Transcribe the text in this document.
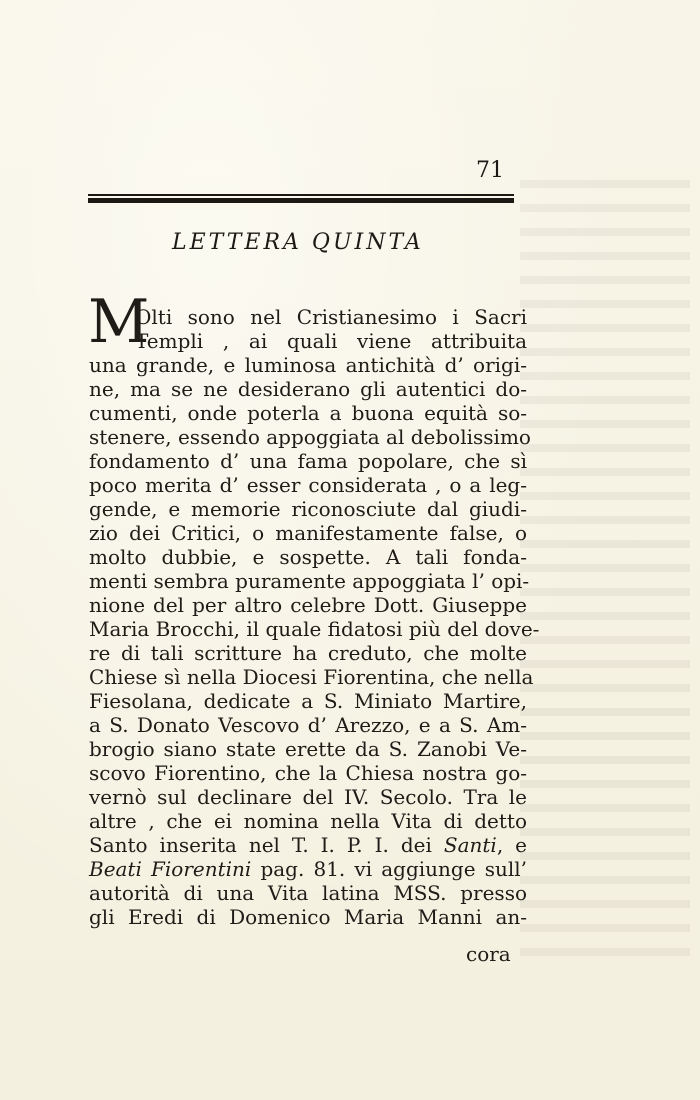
71
LETTERA QUINTA
M
Olti sono nel Cristianesimo i Sacri
Templi , ai quali viene attribuita
una grande, e luminosa antichità d’ origi-
ne, ma se ne desiderano gli autentici do-
cumenti, onde poterla a buona equità so-
stenere, essendo appoggiata al debolissimo
fondamento d’ una fama popolare, che sì
poco merita d’ esser considerata , o a leg-
gende, e memorie riconosciute dal giudi-
zio dei Critici, o manifestamente false, o
molto dubbie, e sospette. A tali fonda-
menti sembra puramente appoggiata l’ opi-
nione del per altro celebre Dott. Giuseppe
Maria Brocchi, il quale fidatosi più del dove-
re di tali scritture ha creduto, che molte
Chiese sì nella Diocesi Fiorentina, che nella
Fiesolana, dedicate a S. Miniato Martire,
a S. Donato Vescovo d’ Arezzo, e a S. Am-
brogio siano state erette da S. Zanobi Ve-
scovo Fiorentino, che la Chiesa nostra go-
vernò sul declinare del IV. Secolo. Tra le
altre , che ei nomina nella Vita di detto
Santo inserita nel T. I. P. I. dei Santi, e
Beati Fiorentini pag. 81. vi aggiunge sull’
autorità di una Vita latina MSS. presso
gli Eredi di Domenico Maria Manni an-
cora
